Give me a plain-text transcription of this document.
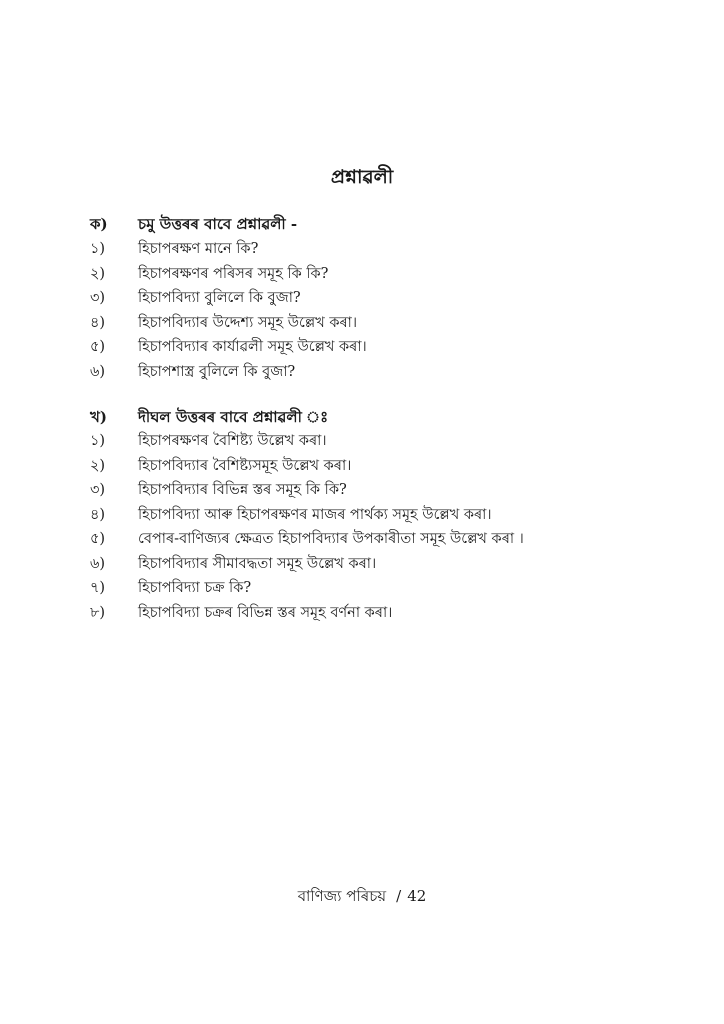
প্ৰশ্নাৱলী
ক)	চমু উত্তৰৰ বাবে প্ৰশ্নাৱলী -
১)	হিচাপৰক্ষণ মানে কি?
২)	হিচাপৰক্ষণৰ পৰিসৰ সমূহ কি কি?
৩)	হিচাপবিদ্যা বুলিলে কি বুজা?
৪)	হিচাপবিদ্যাৰ উদ্দেশ্য সমূহ উল্লেখ কৰা।
৫)	হিচাপবিদ্যাৰ কাৰ্যাৱলী সমূহ উল্লেখ কৰা।
৬)	হিচাপশাস্ত্ৰ বুলিলে কি বুজা?
খ)	দীঘল উত্তৰৰ বাবে প্ৰশ্নাৱলী ঃ
১)	হিচাপৰক্ষণৰ বৈশিষ্ট্য উল্লেখ কৰা।
২)	হিচাপবিদ্যাৰ বৈশিষ্ট্যসমূহ উল্লেখ কৰা।
৩)	হিচাপবিদ্যাৰ বিভিন্ন স্তৰ সমূহ কি কি?
৪)	হিচাপবিদ্যা আৰু হিচাপৰক্ষণৰ মাজৰ পাৰ্থক্য সমূহ উল্লেখ কৰা।
৫)	বেপাৰ-বাণিজ্যৰ ক্ষেত্ৰত হিচাপবিদ্যাৰ উপকাৰীতা সমূহ উল্লেখ কৰা ।
৬)	হিচাপবিদ্যাৰ সীমাবদ্ধতা সমূহ উল্লেখ কৰা।
৭)	হিচাপবিদ্যা চক্ৰ কি?
৮)	হিচাপবিদ্যা চক্ৰৰ বিভিন্ন স্তৰ সমূহ বৰ্ণনা কৰা।
বাণিজ্য পৰিচয় / 42
